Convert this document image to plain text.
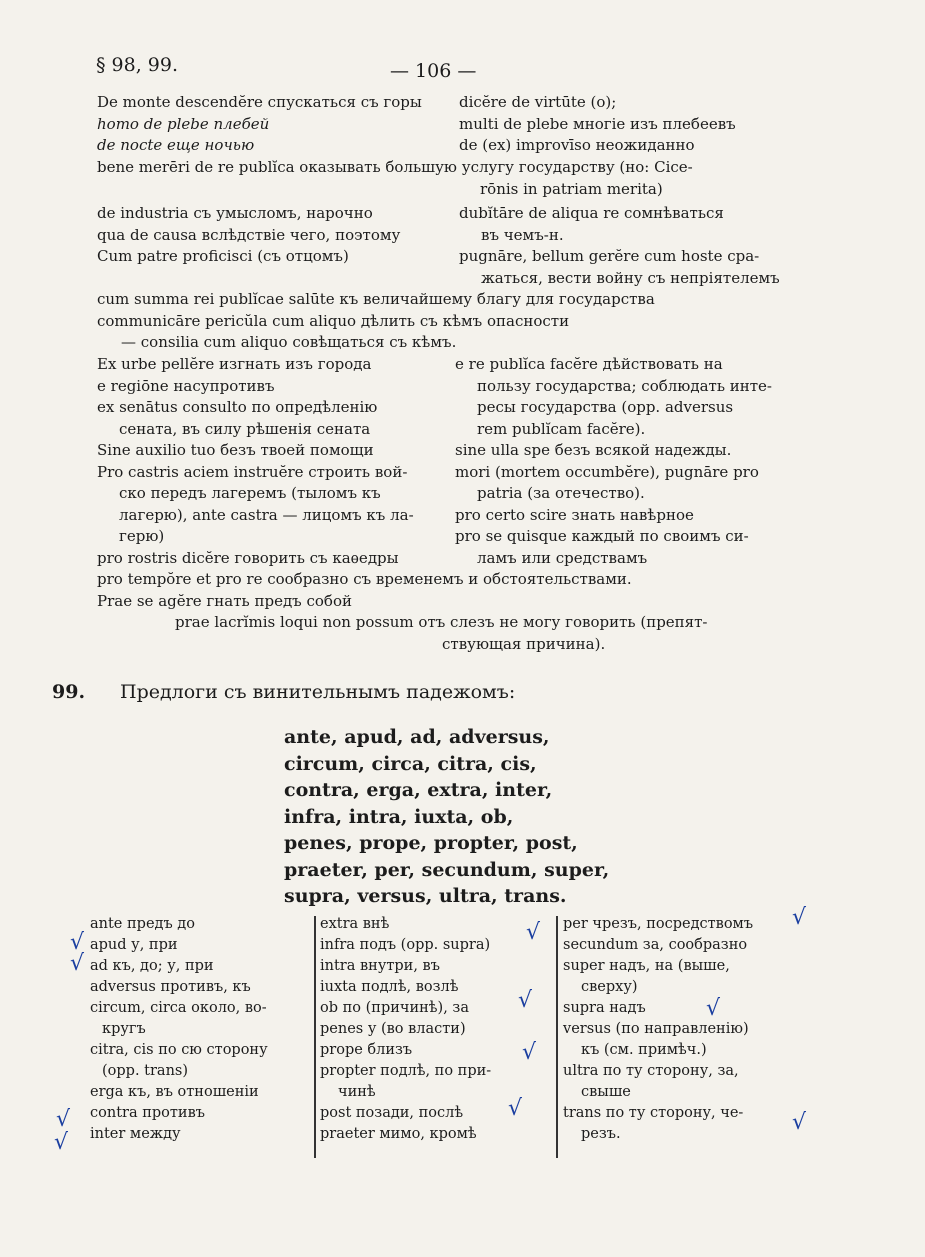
§ 98, 99.	— 106 —

De monte descendĕre спускаться съ горы

homo de plebe плебей

de nocte еще ночью

dicĕre de virtūte (о);

multi de plebe многіе изъ плебеевъ

de (ex) improvīso неожиданно

bene merēri de re publĭca оказывать большую услугу государству (но: Cice-

rōnis in patriam merita)

de industria съ умысломъ, нарочно

qua de causa вслѣдствіе чего, поэтому

Cum patre proficisci (съ отцомъ)

dubĭtāre de aliqua re сомнѣваться

въ чемъ-н.

pugnāre, bellum gerĕre cum hoste сра-

жаться, вести войну съ непріятелемъ

cum summa rei publĭcae salūte къ величайшему благу для государства

communicāre pericŭla cum aliquo дѣлить съ кѣмъ опасности

— consilia cum aliquo совѣщаться съ кѣмъ.

Ex urbe pellĕre изгнать изъ города

e regiōne насупротивъ

ex senātus consulto по опредѣленію

сената, въ силу рѣшенія сената

Sine auxilio tuo безъ твоей помощи

Pro castris aciem instruĕre строить вой-

ско передъ лагеремъ (тыломъ къ

лагерю), ante castra — лицомъ къ ла-

герю)

pro rostris dicĕre говорить съ каѳедры

e re publĭca facĕre дѣйствовать на

пользу государства; соблюдать инте-

ресы государства (opp. adversus

rem publĭcam facĕre).

sine ulla spe безъ всякой надежды.

mori (mortem occumbĕre), pugnāre pro

patria (за отечество).

pro certo scire знать навѣрное

pro se quisque каждый по своимъ си-

ламъ или средствамъ

pro tempŏre et pro re сообразно съ временемъ и обстоятельствами.

Prae se agĕre гнать предъ собой

prae lacrĭmis loqui non possum отъ слезъ не могу говорить (препят-

ствующая причина).

99. Предлоги съ винительнымъ падежомъ:

ante, apud, ad, adversus,

circum, circa, citra, cis,

contra, erga, extra, inter,

infra, intra, iuxta, ob,

penes, prope, propter, post,

praeter, per, secundum, super,

supra, versus, ultra, trans.

ante предъ до

apud у, при

ad къ, до; у, при

adversus противъ, къ

circum, circa около, во-

кругъ

citra, cis по сю сторону

(opp. trans)

erga къ, въ отношеніи

contra противъ

inter между

extra внѣ

infra подъ (opp. supra)

intra внутри, въ

iuxta подлѣ, возлѣ

ob по (причинѣ), за

penes у (во власти)

prope близъ

propter подлѣ, по при-

чинѣ

post позади, послѣ

praeter мимо, кромѣ

per чрезъ, посредствомъ

secundum за, сообразно

super надъ, на (выше,

сверху)

supra надъ

versus (по направленію)

къ (см. примѣч.)

ultra по ту сторону, за,

свыше

trans по ту сторону, че-

резъ.

√
√
√
√
√
√
√
√
√
√
√
